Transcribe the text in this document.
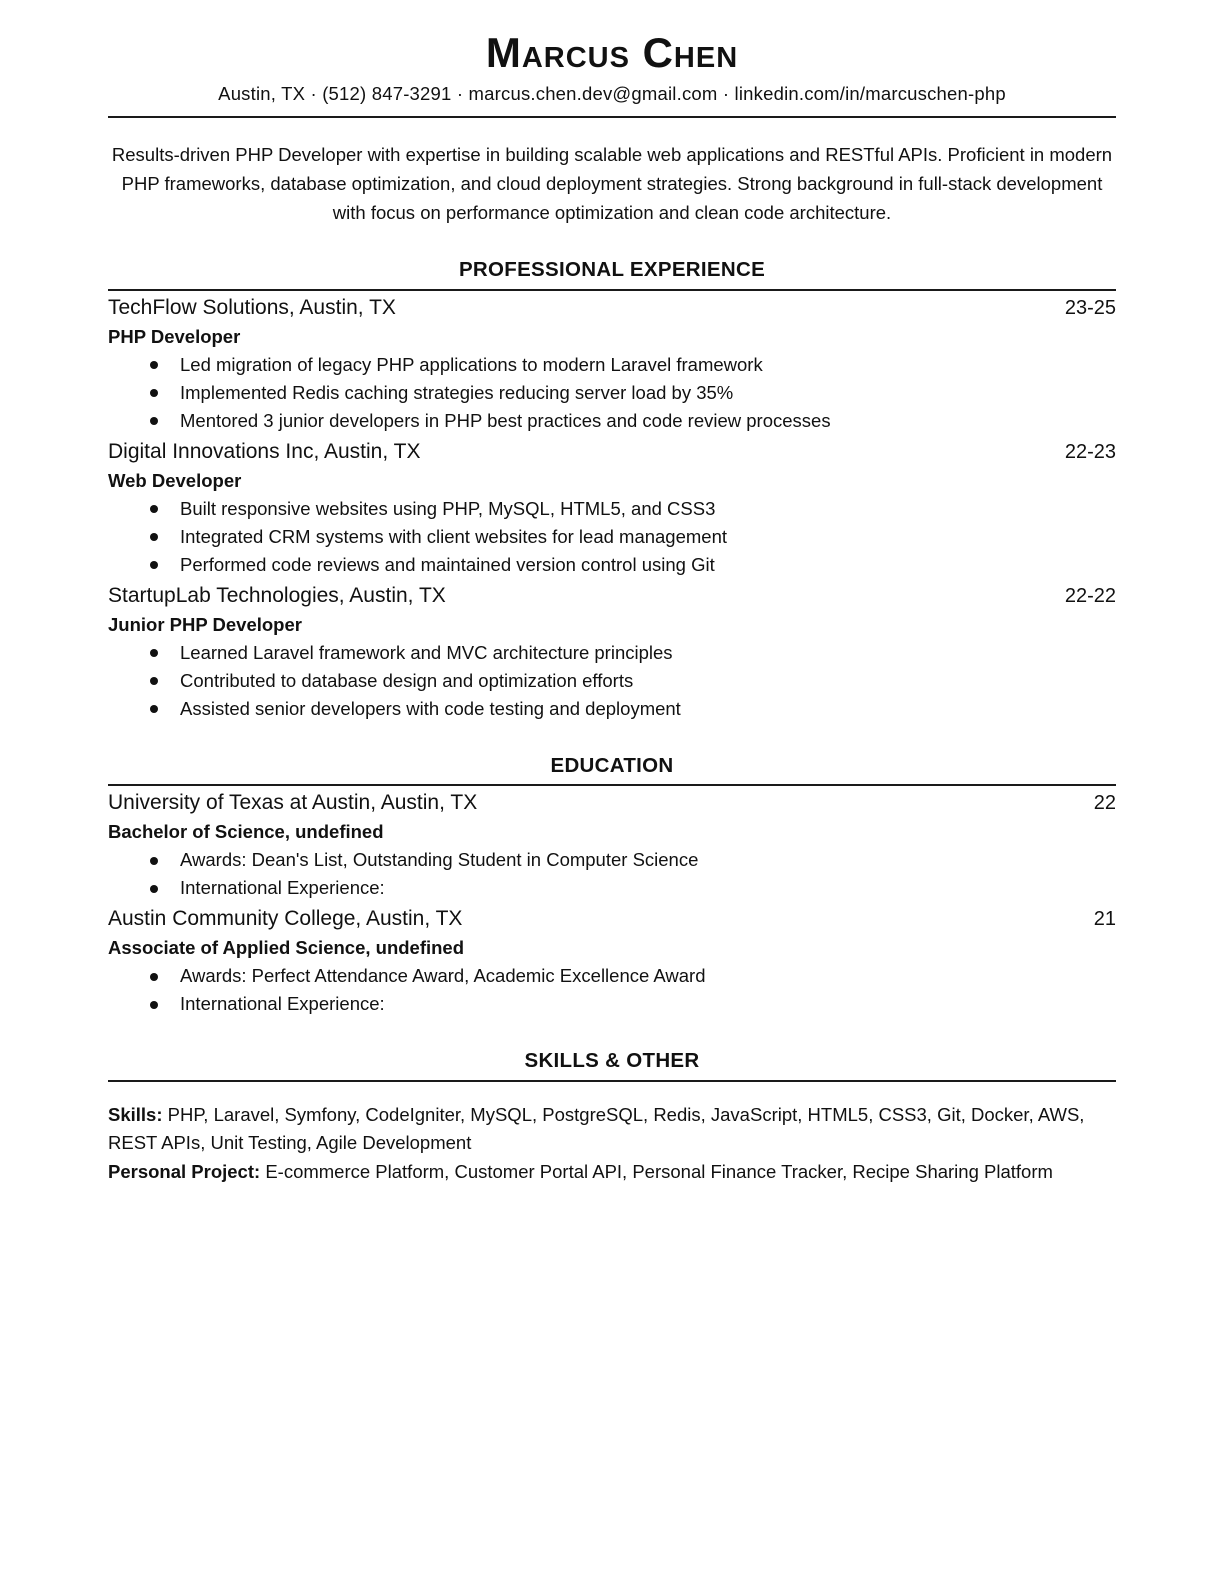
Marcus Chen
Austin, TX · (512) 847-3291 · marcus.chen.dev@gmail.com · linkedin.com/in/marcuschen-php

Results-driven PHP Developer with expertise in building scalable web applications and RESTful APIs. Proficient in modern PHP frameworks, database optimization, and cloud deployment strategies. Strong background in full-stack development with focus on performance optimization and clean code architecture.

PROFESSIONAL EXPERIENCE
TechFlow Solutions, Austin, TX	23-25
PHP Developer
Led migration of legacy PHP applications to modern Laravel framework
Implemented Redis caching strategies reducing server load by 35%
Mentored 3 junior developers in PHP best practices and code review processes
Digital Innovations Inc, Austin, TX	22-23
Web Developer
Built responsive websites using PHP, MySQL, HTML5, and CSS3
Integrated CRM systems with client websites for lead management
Performed code reviews and maintained version control using Git
StartupLab Technologies, Austin, TX	22-22
Junior PHP Developer
Learned Laravel framework and MVC architecture principles
Contributed to database design and optimization efforts
Assisted senior developers with code testing and deployment
EDUCATION
University of Texas at Austin, Austin, TX	22
Bachelor of Science, undefined
Awards: Dean's List, Outstanding Student in Computer Science
International Experience:
Austin Community College, Austin, TX	21
Associate of Applied Science, undefined
Awards: Perfect Attendance Award, Academic Excellence Award
International Experience:
SKILLS & OTHER

Skills: PHP, Laravel, Symfony, CodeIgniter, MySQL, PostgreSQL, Redis, JavaScript, HTML5, CSS3, Git, Docker, AWS, REST APIs, Unit Testing, Agile Development

Personal Project: E-commerce Platform, Customer Portal API, Personal Finance Tracker, Recipe Sharing Platform
